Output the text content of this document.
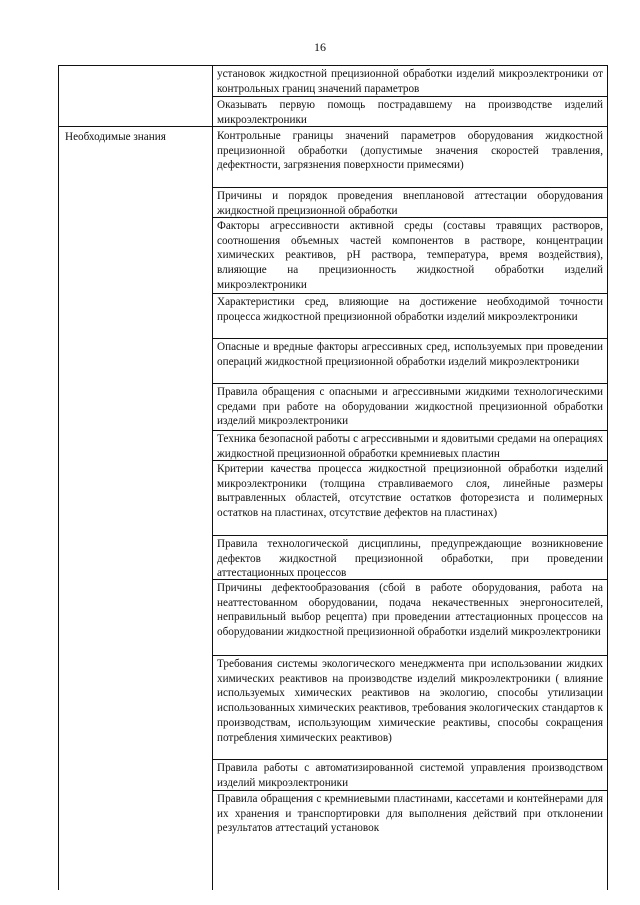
16
установок жидкостной прецизионной обработки изделий микроэлектроники от контрольных границ значений параметров
Оказывать первую помощь пострадавшему на производстве изделий микроэлектроники
Необходимые знания	Контрольные границы значений параметров оборудования жидкостной прецизионной обработки (допустимые значения скоростей травления, дефектности, загрязнения поверхности примесями)
Причины и порядок проведения внеплановой аттестации оборудования жидкостной прецизионной обработки
Факторы агрессивности активной среды (составы травящих растворов, соотношения объемных частей компонентов в растворе, концентрации химических реактивов, рН раствора, температура, время воздействия), влияющие на прецизионность жидкостной обработки изделий микроэлектроники
Характеристики сред, влияющие на достижение необходимой точности процесса жидкостной прецизионной обработки изделий микроэлектроники
Опасные и вредные факторы агрессивных сред, используемых при проведении операций жидкостной прецизионной обработки изделий микроэлектроники
Правила обращения с опасными и агрессивными жидкими технологическими средами при работе на оборудовании жидкостной прецизионной обработки изделий микроэлектроники
Техника безопасной работы с агрессивными и ядовитыми средами на операциях жидкостной прецизионной обработки кремниевых пластин
Критерии качества процесса жидкостной прецизионной обработки изделий микроэлектроники (толщина стравливаемого слоя, линейные размеры вытравленных областей, отсутствие остатков фоторезиста и полимерных остатков на пластинах, отсутствие дефектов на пластинах)
Правила технологической дисциплины, предупреждающие возникновение дефектов жидкостной прецизионной обработки, при проведении аттестационных процессов
Причины дефектообразования (сбой в работе оборудования, работа на неаттестованном оборудовании, подача некачественных энергоносителей, неправильный выбор рецепта) при проведении аттестационных процессов на оборудовании жидкостной прецизионной обработки изделий микроэлектроники
Требования системы экологического менеджмента при использовании жидких химических реактивов на производстве изделий микроэлектроники ( влияние используемых химических реактивов на экологию, способы утилизации использованных химических реактивов, требования экологических стандартов к производствам, использующим химические реактивы, способы сокращения потребления химических реактивов)
Правила работы с автоматизированной системой управления производством изделий микроэлектроники
Правила обращения с кремниевыми пластинами, кассетами и контейнерами для их хранения и транспортировки для выполнения действий при отклонении результатов аттестаций установок
